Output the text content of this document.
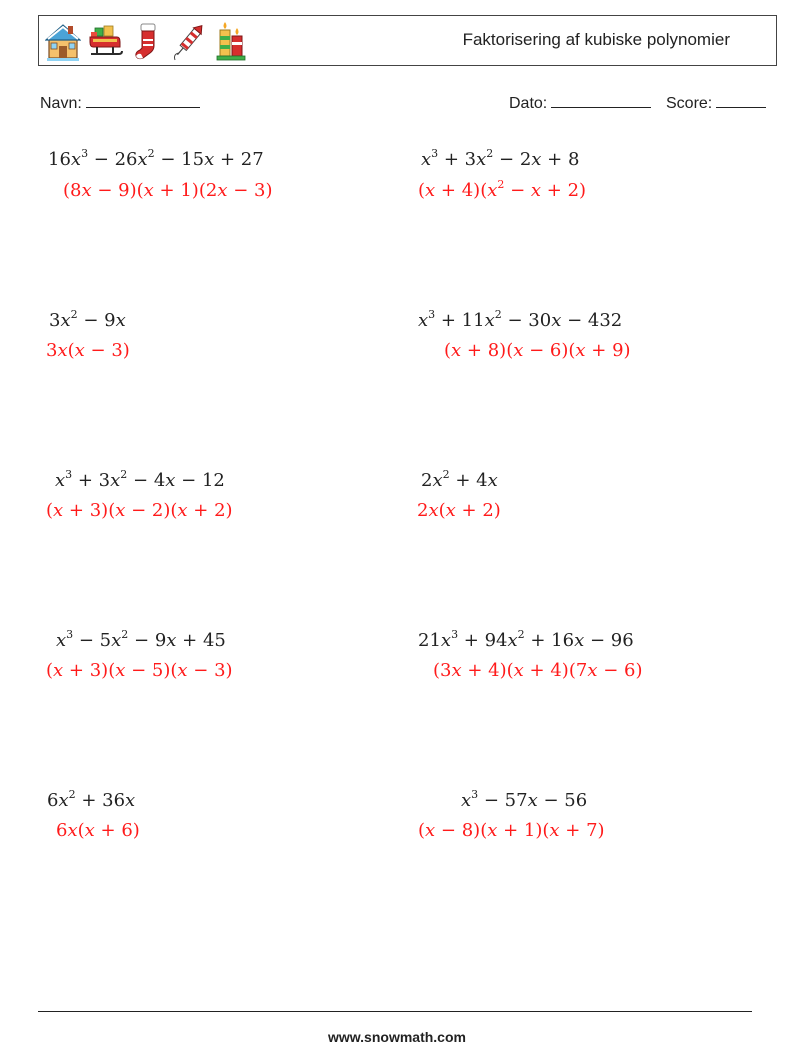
Faktorisering af kubiske polynomier
Navn:	Dato:	Score:
$16x^3 - 26x^2 - 15x + 27$
(8x − 9)(x + 1)(2x − 3)
$x^3 + 3x^2 - 2x + 8$
$(x + 4)(x^2 - x + 2)$
$3x^2 - 9x$
3x(x − 3)
$x^3 + 11x^2 - 30x - 432$
(x + 8)(x − 6)(x + 9)
$x^3 + 3x^2 - 4x - 12$
(x + 3)(x − 2)(x + 2)
$2x^2 + 4x$
2x(x + 2)
$x^3 - 5x^2 - 9x + 45$
(x + 3)(x − 5)(x − 3)
$21x^3 + 94x^2 + 16x - 96$
(3x + 4)(x + 4)(7x − 6)
$6x^2 + 36x$
6x(x + 6)
$x^3 - 57x - 56$
(x − 8)(x + 1)(x + 7)
www.snowmath.com
